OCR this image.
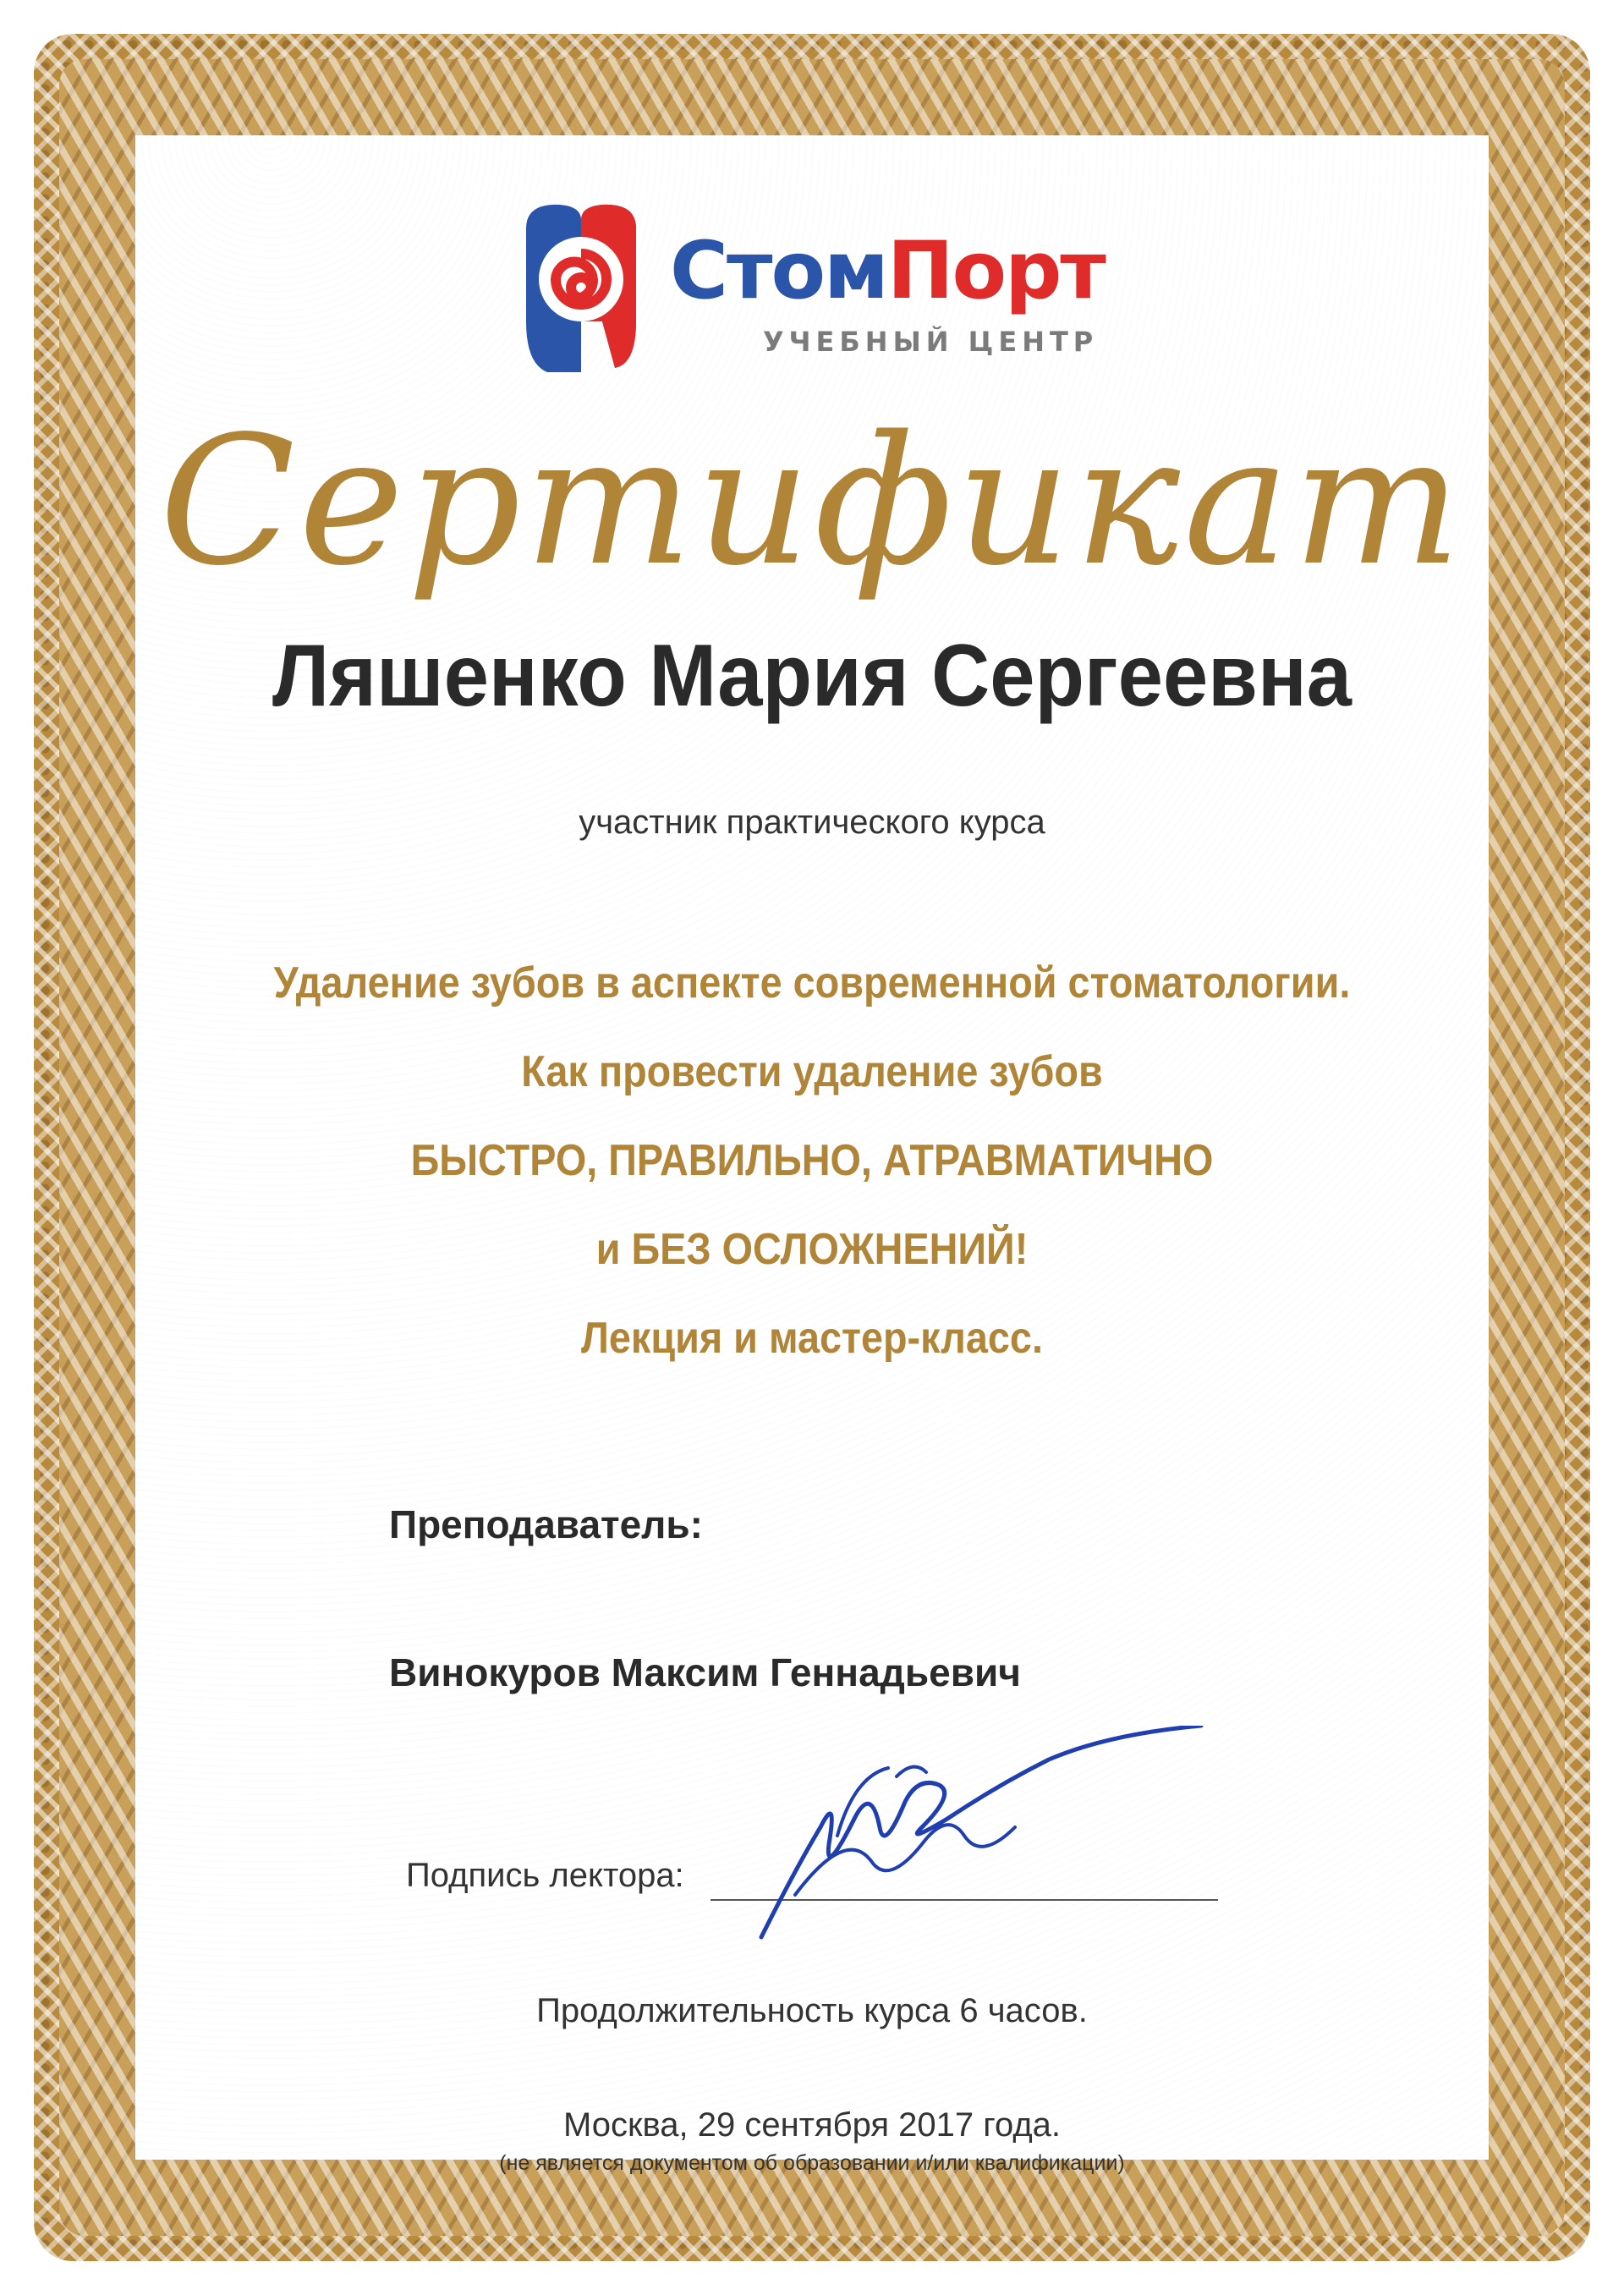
СтомПорт
УЧЕБНЫЙ ЦЕНТР
Сертификат
Ляшенко Мария Сергеевна
участник практического курса
Удаление зубов в аспекте современной стоматологии.
Как провести удаление зубов
БЫСТРО, ПРАВИЛЬНО, АТРАВМАТИЧНО
и БЕЗ ОСЛОЖНЕНИЙ!
Лекция и мастер-класс.
Преподаватель:
Винокуров Максим Геннадьевич
Подпись лектора:
Продолжительность курса 6 часов.
Москва, 29 сентября 2017 года.
(не является документом об образовании и/или квалификации)
